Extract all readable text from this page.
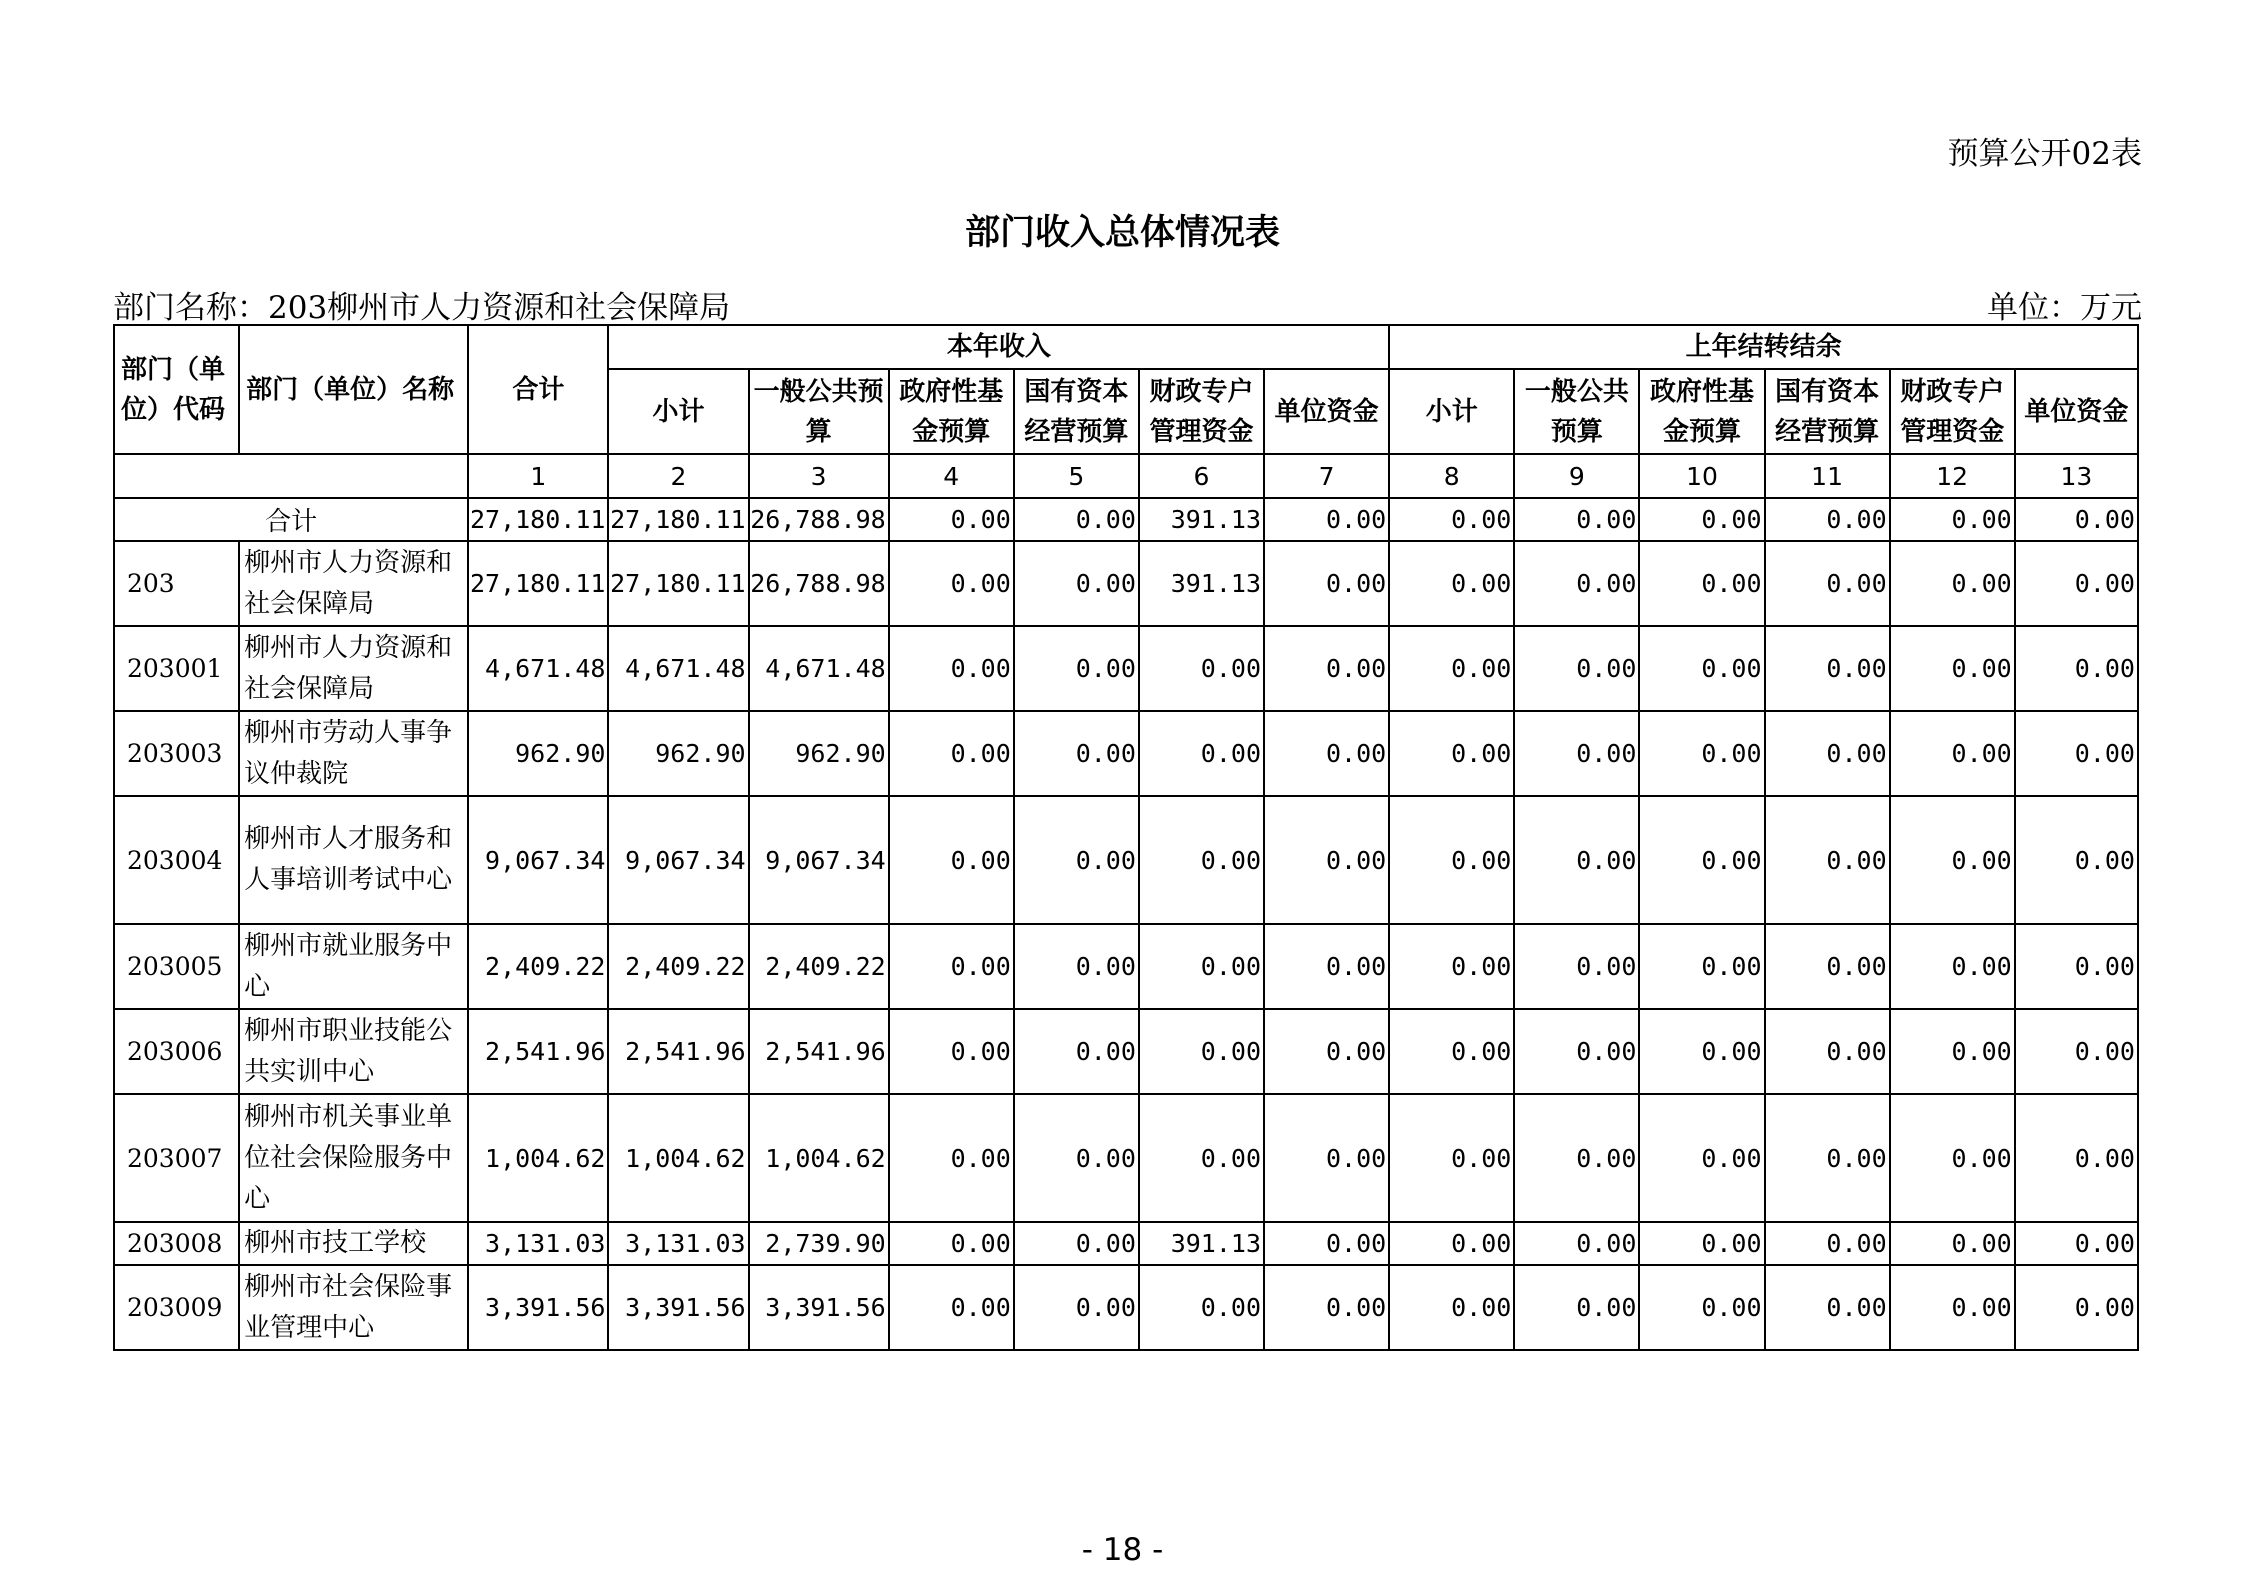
预算公开02表
部门收入总体情况表
部门名称：203柳州市人力资源和社会保障局	单位：万元
部门（单位）代码	部门（单位）名称	合计	本年收入						上年结转结余					
			小计	一般公共预算	政府性基金预算	国有资本经营预算	财政专户管理资金	单位资金	小计	一般公共预算	政府性基金预算	国有资本经营预算	财政专户管理资金	单位资金
		1	2	3	4	5	6	7	8	9	10	11	12	13
合计		27,180.11	27,180.11	26,788.98	0.00	0.00	391.13	0.00	0.00	0.00	0.00	0.00	0.00	0.00
203	柳州市人力资源和社会保障局	27,180.11	27,180.11	26,788.98	0.00	0.00	391.13	0.00	0.00	0.00	0.00	0.00	0.00	0.00
203001	柳州市人力资源和社会保障局	4,671.48	4,671.48	4,671.48	0.00	0.00	0.00	0.00	0.00	0.00	0.00	0.00	0.00	0.00
203003	柳州市劳动人事争议仲裁院	962.90	962.90	962.90	0.00	0.00	0.00	0.00	0.00	0.00	0.00	0.00	0.00	0.00
203004	柳州市人才服务和人事培训考试中心	9,067.34	9,067.34	9,067.34	0.00	0.00	0.00	0.00	0.00	0.00	0.00	0.00	0.00	0.00
203005	柳州市就业服务中心	2,409.22	2,409.22	2,409.22	0.00	0.00	0.00	0.00	0.00	0.00	0.00	0.00	0.00	0.00
203006	柳州市职业技能公共实训中心	2,541.96	2,541.96	2,541.96	0.00	0.00	0.00	0.00	0.00	0.00	0.00	0.00	0.00	0.00
203007	柳州市机关事业单位社会保险服务中心	1,004.62	1,004.62	1,004.62	0.00	0.00	0.00	0.00	0.00	0.00	0.00	0.00	0.00	0.00
203008	柳州市技工学校	3,131.03	3,131.03	2,739.90	0.00	0.00	391.13	0.00	0.00	0.00	0.00	0.00	0.00	0.00
203009	柳州市社会保险事业管理中心	3,391.56	3,391.56	3,391.56	0.00	0.00	0.00	0.00	0.00	0.00	0.00	0.00	0.00	0.00
- 18 -
